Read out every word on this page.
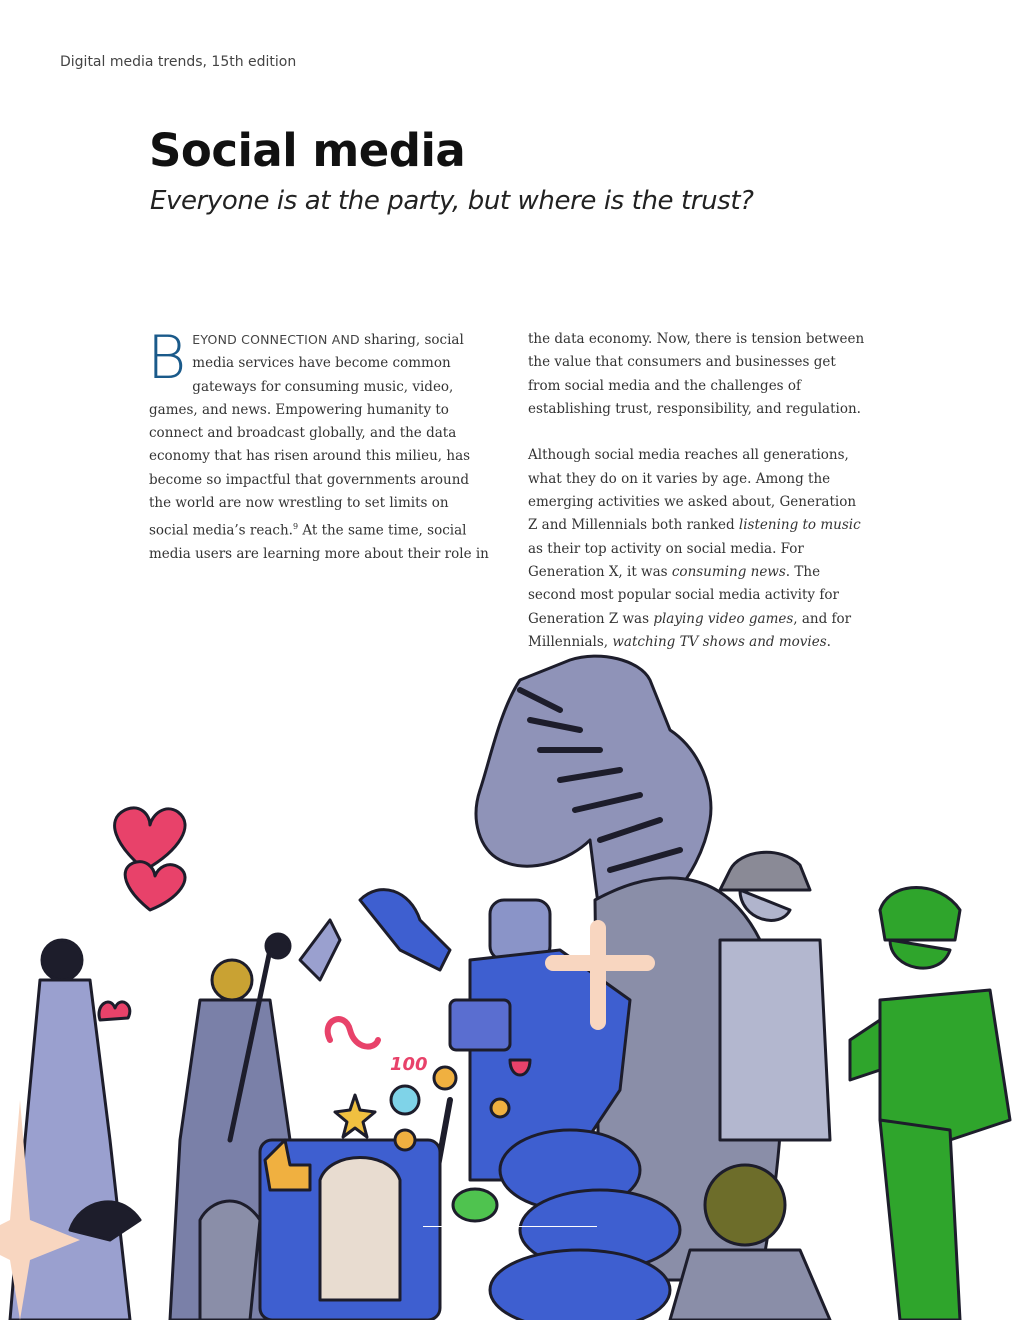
Digital media trends, 15th edition
Social media
Everyone is at the party, but where is the trust?

B EYOND CONNECTION AND sharing, social media services have become common gateways for consuming music, video, games, and news. Empowering humanity to connect and broadcast globally, and the data economy that has risen around this milieu, has become so impactful that governments around the world are now wrestling to set limits on social media’s reach.$^9$ At the same time, social media users are learning more about their role in

the data economy. Now, there is tension between the value that consumers and businesses get from social media and the challenges of establishing trust, responsibility, and regulation.

Although social media reaches all generations, what they do on it varies by age. Among the emerging activities we asked about, Generation Z and Millennials both ranked listening to music as their top activity on social media. For Generation X, it was consuming news. The second most popular social media activity for Generation Z was playing video games, and for Millennials, watching TV shows and movies.

100
12
